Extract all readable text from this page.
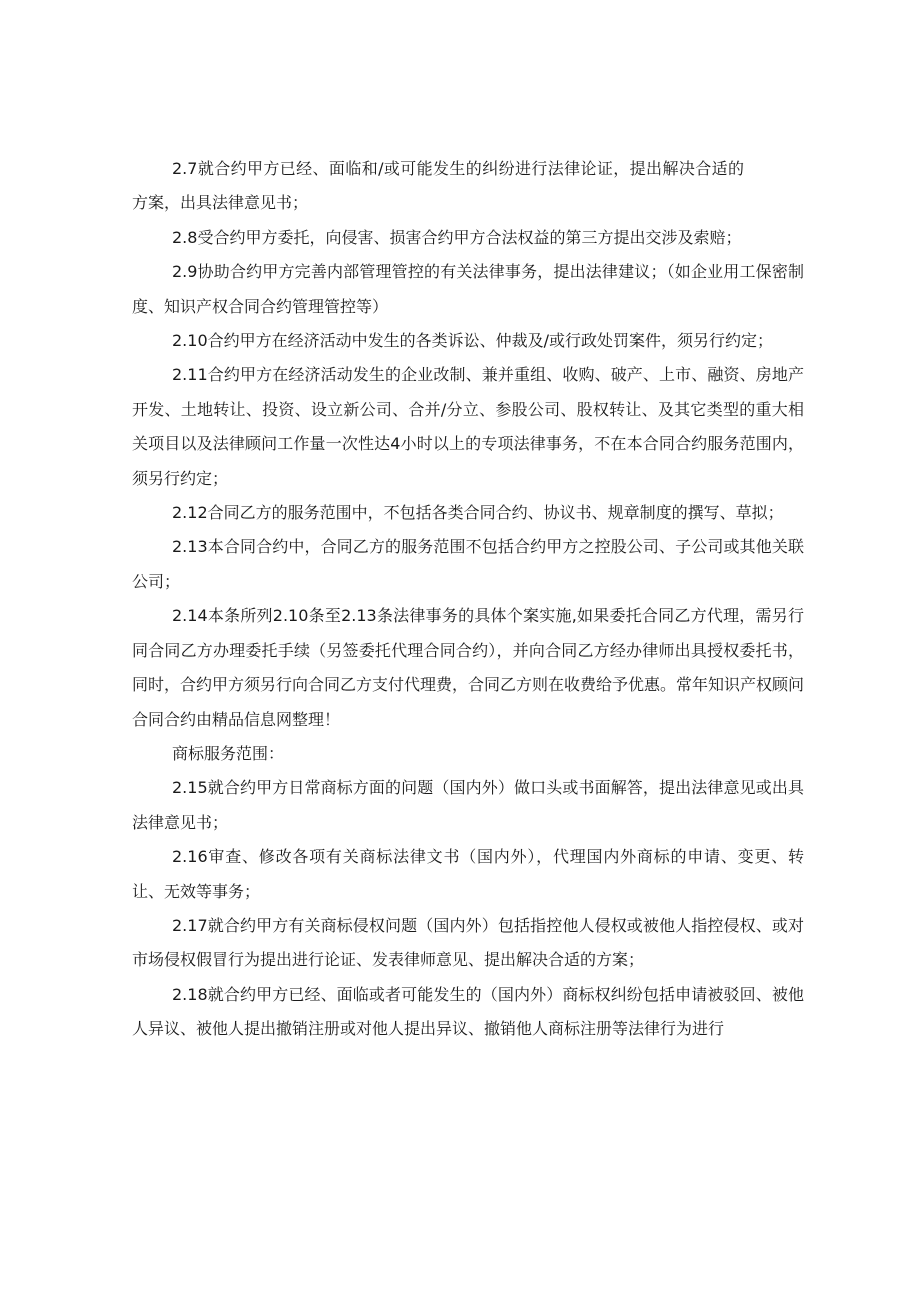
2.7就合约甲方已经、面临和/或可能发生的纠纷进行法律论证，提出解决合适的方案，出具法律意见书；

2.8受合约甲方委托，向侵害、损害合约甲方合法权益的第三方提出交涉及索赔；

2.9协助合约甲方完善内部管理管控的有关法律事务，提出法律建议；（如企业用工保密制度、知识产权合同合约管理管控等）

2.10合约甲方在经济活动中发生的各类诉讼、仲裁及/或行政处罚案件，须另行约定；

2.11合约甲方在经济活动发生的企业改制、兼并重组、收购、破产、上市、融资、房地产开发、土地转让、投资、设立新公司、合并/分立、参股公司、股权转让、及其它类型的重大相关项目以及法律顾问工作量一次性达4小时以上的专项法律事务，不在本合同合约服务范围内，须另行约定；

2.12合同乙方的服务范围中，不包括各类合同合约、协议书、规章制度的撰写、草拟；

2.13本合同合约中，合同乙方的服务范围不包括合约甲方之控股公司、子公司或其他关联公司；

2.14本条所列2.10条至2.13条法律事务的具体个案实施,如果委托合同乙方代理，需另行同合同乙方办理委托手续（另签委托代理合同合约），并向合同乙方经办律师出具授权委托书，同时，合约甲方须另行向合同乙方支付代理费，合同乙方则在收费给予优惠。常年知识产权顾问合同合约由精品信息网整理！

商标服务范围：

2.15就合约甲方日常商标方面的问题（国内外）做口头或书面解答，提出法律意见或出具法律意见书；

2.16审查、修改各项有关商标法律文书（国内外），代理国内外商标的申请、变更、转让、无效等事务；

2.17就合约甲方有关商标侵权问题（国内外）包括指控他人侵权或被他人指控侵权、或对市场侵权假冒行为提出进行论证、发表律师意见、提出解决合适的方案；

2.18就合约甲方已经、面临或者可能发生的（国内外）商标权纠纷包括申请被驳回、被他人异议、被他人提出撤销注册或对他人提出异议、撤销他人商标注册等法律行为进行
